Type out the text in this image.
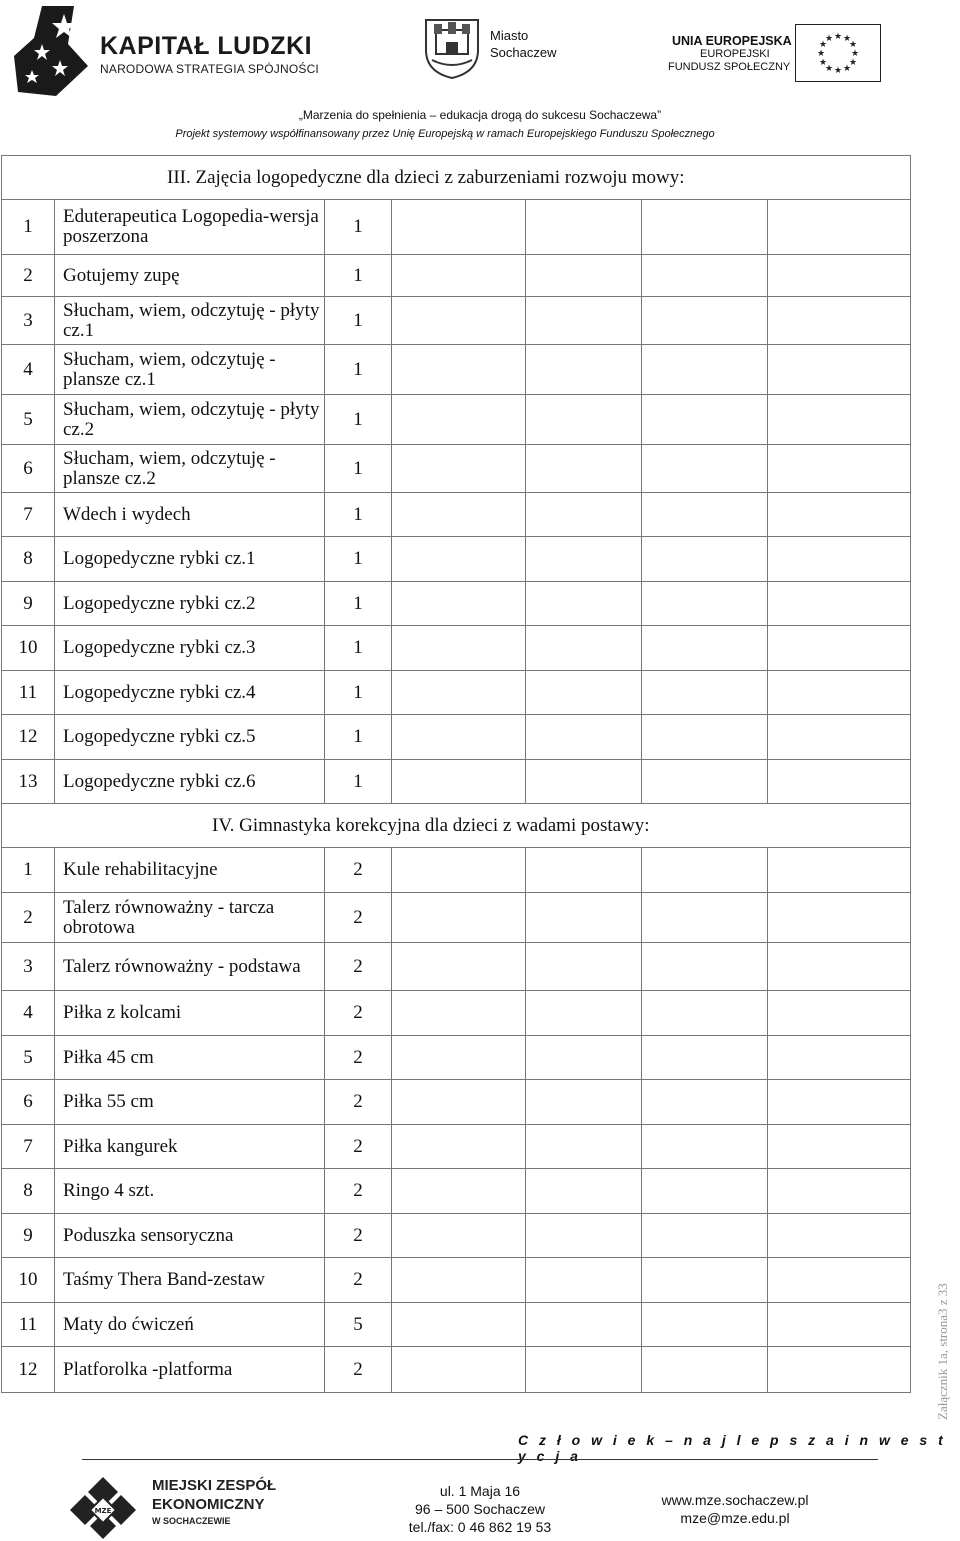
KAPITAŁ LUDZKI
NARODOWA STRATEGIA SPÓJNOŚCI
Miasto
Sochaczew
UNIA EUROPEJSKA
EUROPEJSKI
FUNDUSZ SPOŁECZNY
★ ★
★
★
★
★
★
★
★
★
★
★
„Marzenia do spełnienia – edukacja drogą do sukcesu Sochaczewa”
Projekt systemowy współfinansowany przez Unię Europejską w ramach Europejskiego Funduszu Społecznego
III. Zajęcia logopedyczne dla dzieci z zaburzeniami rozwoju mowy:						

1	Eduterapeutica Logopedia-wersja poszerzona	1				
2	Gotujemy zupę	1				
3	Słucham, wiem, odczytuję - płyty cz.1	1				
4	Słucham, wiem, odczytuję - plansze cz.1	1				
5	Słucham, wiem, odczytuję - płyty cz.2	1				
6	Słucham, wiem, odczytuję - plansze cz.2	1				
7	Wdech i wydech	1				
8	Logopedyczne rybki cz.1	1				
9	Logopedyczne rybki cz.2	1				
10	Logopedyczne rybki cz.3	1				
11	Logopedyczne rybki cz.4	1				
12	Logopedyczne rybki cz.5	1				
13	Logopedyczne rybki cz.6	1				
IV. Gimnastyka korekcyjna dla dzieci z wadami postawy:						

1	Kule rehabilitacyjne	2				
2	Talerz równoważny - tarcza obrotowa	2				
3	Talerz równoważny - podstawa	2				
4	Piłka z kolcami	2				
5	Piłka 45 cm	2				
6	Piłka 55 cm	2				
7	Piłka kangurek	2				
8	Ringo 4 szt.	2				
9	Poduszka sensoryczna	2				
10	Taśmy Thera Band-zestaw	2				
11	Maty do ćwiczeń	5				
12	Platforolka -platforma	2					Załącznik 1a, strona3 z 33
C z ł o w i e k – n a j l e p s z a i n w e s t y c j a
MZE
MIEJSKI ZESPÓŁ
EKONOMICZNY
W SOCHACZEWIE
ul. 1 Maja 16
96 – 500 Sochaczew
tel./fax: 0 46 862 19 53
www.mze.sochaczew.pl
mze@mze.edu.pl
